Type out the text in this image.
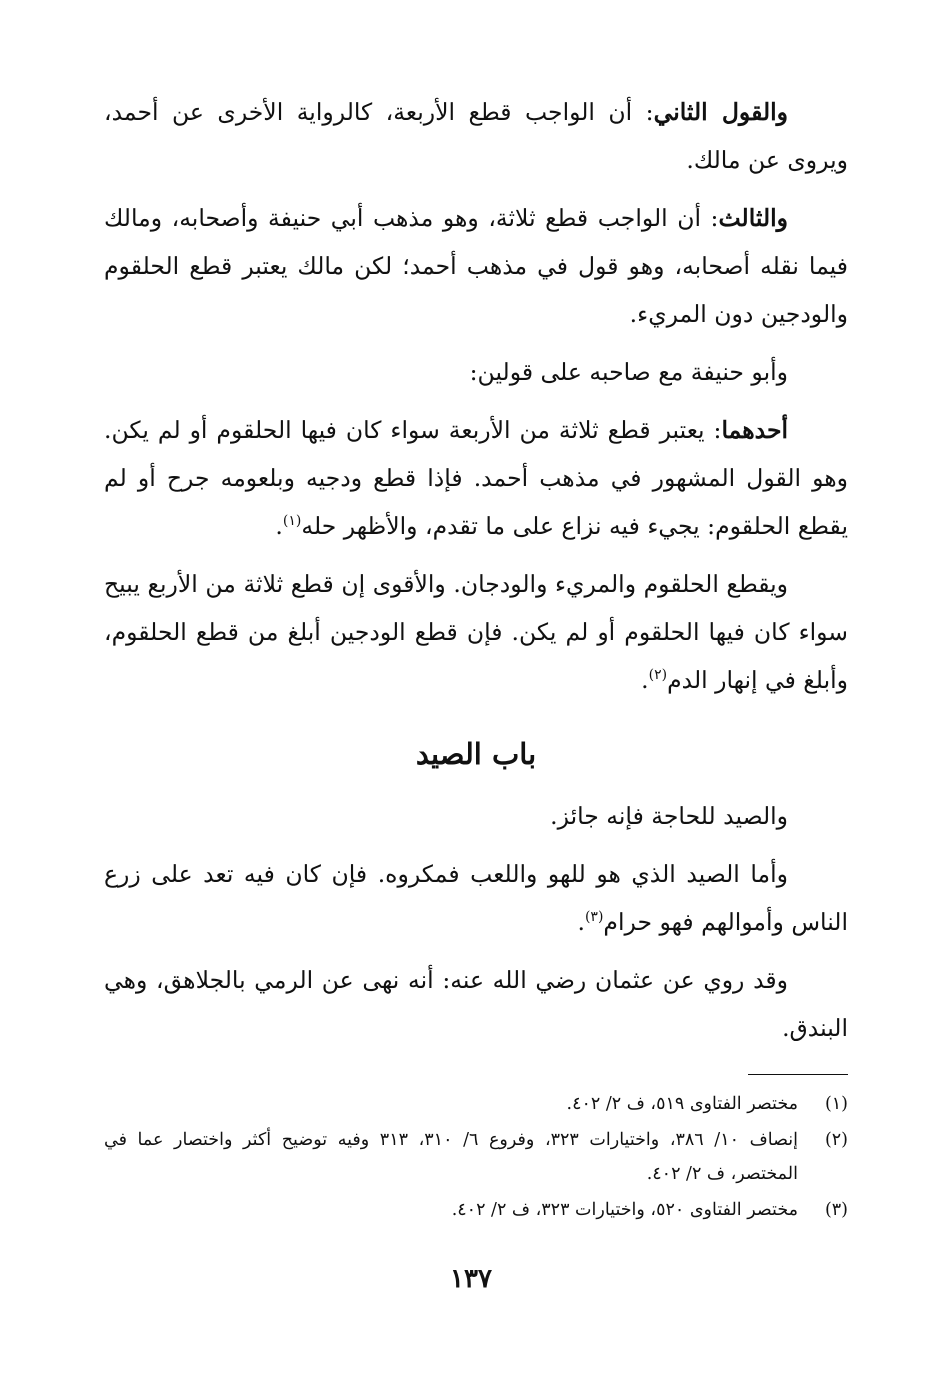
والقول الثاني: أن الواجب قطع الأربعة، كالرواية الأخرى عن أحمد، ويروى عن مالك.

والثالث: أن الواجب قطع ثلاثة، وهو مذهب أبي حنيفة وأصحابه، ومالك فيما نقله أصحابه، وهو قول في مذهب أحمد؛ لكن مالك يعتبر قطع الحلقوم والودجين دون المريء.

وأبو حنيفة مع صاحبه على قولين:

أحدهما: يعتبر قطع ثلاثة من الأربعة سواء كان فيها الحلقوم أو لم يكن. وهو القول المشهور في مذهب أحمد. فإذا قطع ودجيه وبلعومه جرح أو لم يقطع الحلقوم: يجيء فيه نزاع على ما تقدم، والأظهر حله$^{(١)}$.

ويقطع الحلقوم والمريء والودجان. والأقوى إن قطع ثلاثة من الأربع يبيح سواء كان فيها الحلقوم أو لم يكن. فإن قطع الودجين أبلغ من قطع الحلقوم، وأبلغ في إنهار الدم$^{(٢)}$.

باب الصيد

والصيد للحاجة فإنه جائز.

وأما الصيد الذي هو للهو واللعب فمكروه. فإن كان فيه تعد على زرع الناس وأموالهم فهو حرام$^{(٣)}$.

وقد روي عن عثمان رضي الله عنه: أنه نهى عن الرمي بالجلاهق، وهي البندق.

(١)
مختصر الفتاوى ٥١٩، ف ٢/ ٤٠٢.
(٢)
إنصاف ١٠/ ٣٨٦، واختيارات ٣٢٣، وفروع ٦/ ٣١٠، ٣١٣ وفيه توضيح أكثر واختصار عما في المختصر، ف ٢/ ٤٠٢.
(٣)
مختصر الفتاوى ٥٢٠، واختيارات ٣٢٣، ف ٢/ ٤٠٢.
١٣٧
